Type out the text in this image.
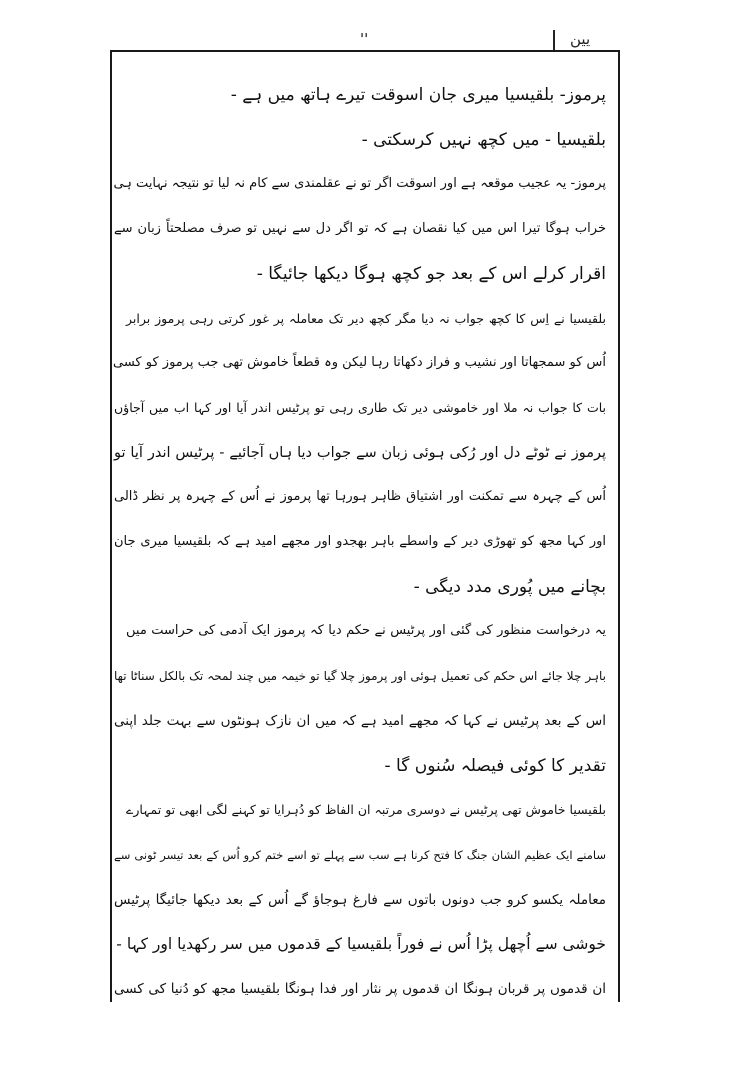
یین
''
پرموز- بلقیسیا میری جان اسوقت تیرے ہاتھ میں ہے -
بلقیسیا - میں کچھ نہیں کرسکتی -
پرموز- یہ عجیب موقعہ ہے اور اسوقت اگر تو نے عقلمندی سے کام نہ لیا تو نتیجہ نہایت ہی
خراب ہوگا تیرا اس میں کیا نقصان ہے کہ تو اگر دل سے نہیں تو صرف مصلحتاً زبان سے
اقرار کرلے اس کے بعد جو کچھ ہوگا دیکھا جائیگا -
بلقیسیا نے اِس کا کچھ جواب نہ دیا مگر کچھ دیر تک معاملہ پر غور کرتی رہی پرموز برابر
اُس کو سمجھاتا اور نشیب و فراز دکھاتا رہا لیکن وہ قطعاً خاموش تھی جب پرموز کو کسی
بات کا جواب نہ ملا اور خاموشی دیر تک طاری رہی تو پرٹیس اندر آیا اور کہا اب میں آجاؤں
پرموز نے ٹوٹے دل اور رُکی ہوئی زبان سے جواب دیا ہاں آجائیے - پرٹیس اندر آیا تو
اُس کے چہرہ سے تمکنت اور اشتیاق ظاہر ہورہا تھا پرموز نے اُس کے چہرہ پر نظر ڈالی
اور کہا مجھ کو تھوڑی دیر کے واسطے باہر بھجدو اور مجھے امید ہے کہ بلقیسیا میری جان
بچانے میں پُوری مدد دیگی -
یہ درخواست منظور کی گئی اور پرٹیس نے حکم دیا کہ پرموز ایک آدمی کی حراست میں
باہر چلا جائے اس حکم کی تعمیل ہوئی اور پرموز چلا گیا تو خیمہ میں چند لمحہ تک بالکل سناٹا تھا
اس کے بعد پرٹیس نے کہا کہ مجھے امید ہے کہ میں ان نازک ہونٹوں سے بہت جلد اپنی
تقدیر کا کوئی فیصلہ سُنوں گا -
بلقیسیا خاموش تھی پرٹیس نے دوسری مرتبہ ان الفاظ کو دُہرایا تو کہنے لگی ابھی تو تمہارے
سامنے ایک عظیم الشان جنگ کا فتح کرنا ہے سب سے پہلے تو اسے ختم کرو اُس کے بعد تیسر ٹونی سے
معاملہ یکسو کرو جب دونوں باتوں سے فارغ ہوجاؤ گے اُس کے بعد دیکھا جائیگا پرٹیس
خوشی سے اُچھل پڑا اُس نے فوراً بلقیسیا کے قدموں میں سر رکھدیا اور کہا -
ان قدموں پر قربان ہونگا ان قدموں پر نثار اور فدا ہونگا بلقیسیا مجھ کو دُنیا کی کسی
